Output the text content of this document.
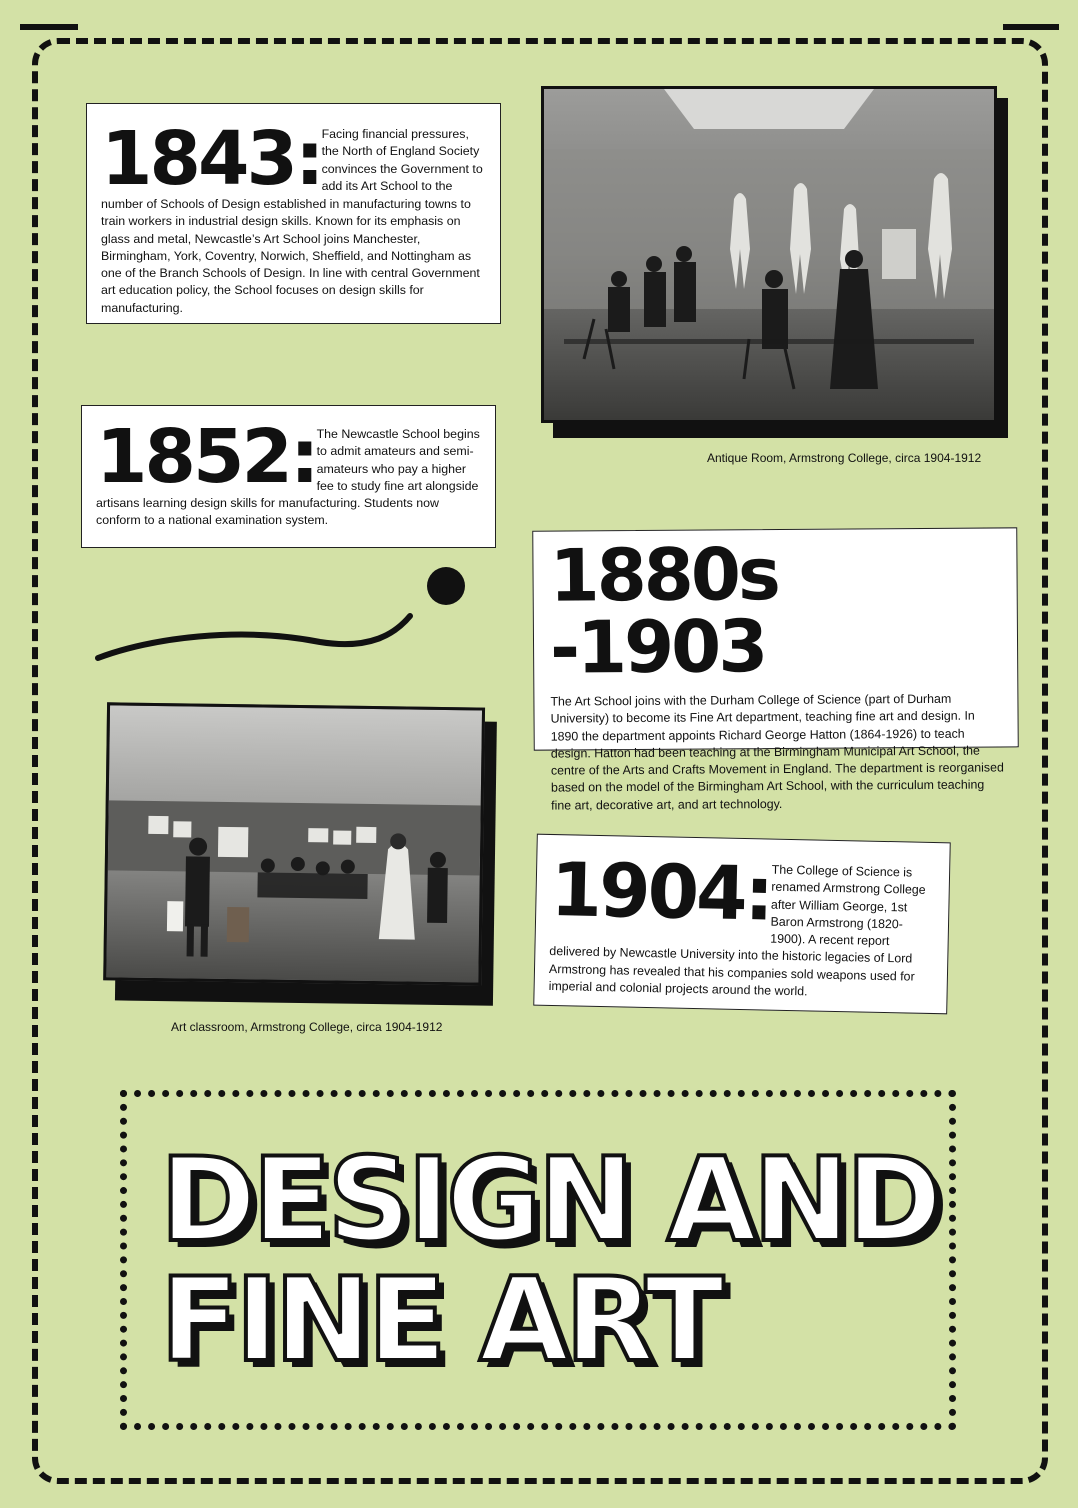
1843: Facing financial pressures, the North of England Society convinces the Government to add its Art School to the
number of Schools of Design established in manufacturing towns to train workers in industrial design skills. Known for its emphasis on glass and metal, Newcastle’s Art School joins Manchester, Birmingham, York, Coventry, Norwich, Sheffield, and Nottingham as one of the Branch Schools of Design. In line with central Government art education policy, the School focuses on design skills for manufacturing.
Antique Room, Armstrong College, circa 1904-1912
1852: The Newcastle School begins to admit amateurs and semi-amateurs who pay a higher fee to study fine art alongside
artisans learning design skills for manufacturing. Students now conform to a national examination system.
1880s -1903
The Art School joins with the Durham College of Science (part of Durham University) to become its Fine Art department, teaching fine art and design. In 1890 the department appoints Richard George Hatton (1864-1926) to teach design. Hatton had been teaching at the Birmingham Municipal Art School, the centre of the Arts and Crafts Movement in England. The department is reorganised based on the model of the Birmingham Art School, with the curriculum teaching fine art, decorative art, and art technology.
Art classroom, Armstrong College, circa 1904-1912
1904: The College of Science is renamed Armstrong College after William George, 1st Baron Armstrong (1820-1900). A recent report
delivered by Newcastle University into the historic legacies of Lord Armstrong has revealed that his companies sold weapons used for imperial and colonial projects around the world.
DESIGN AND
FINE ART
